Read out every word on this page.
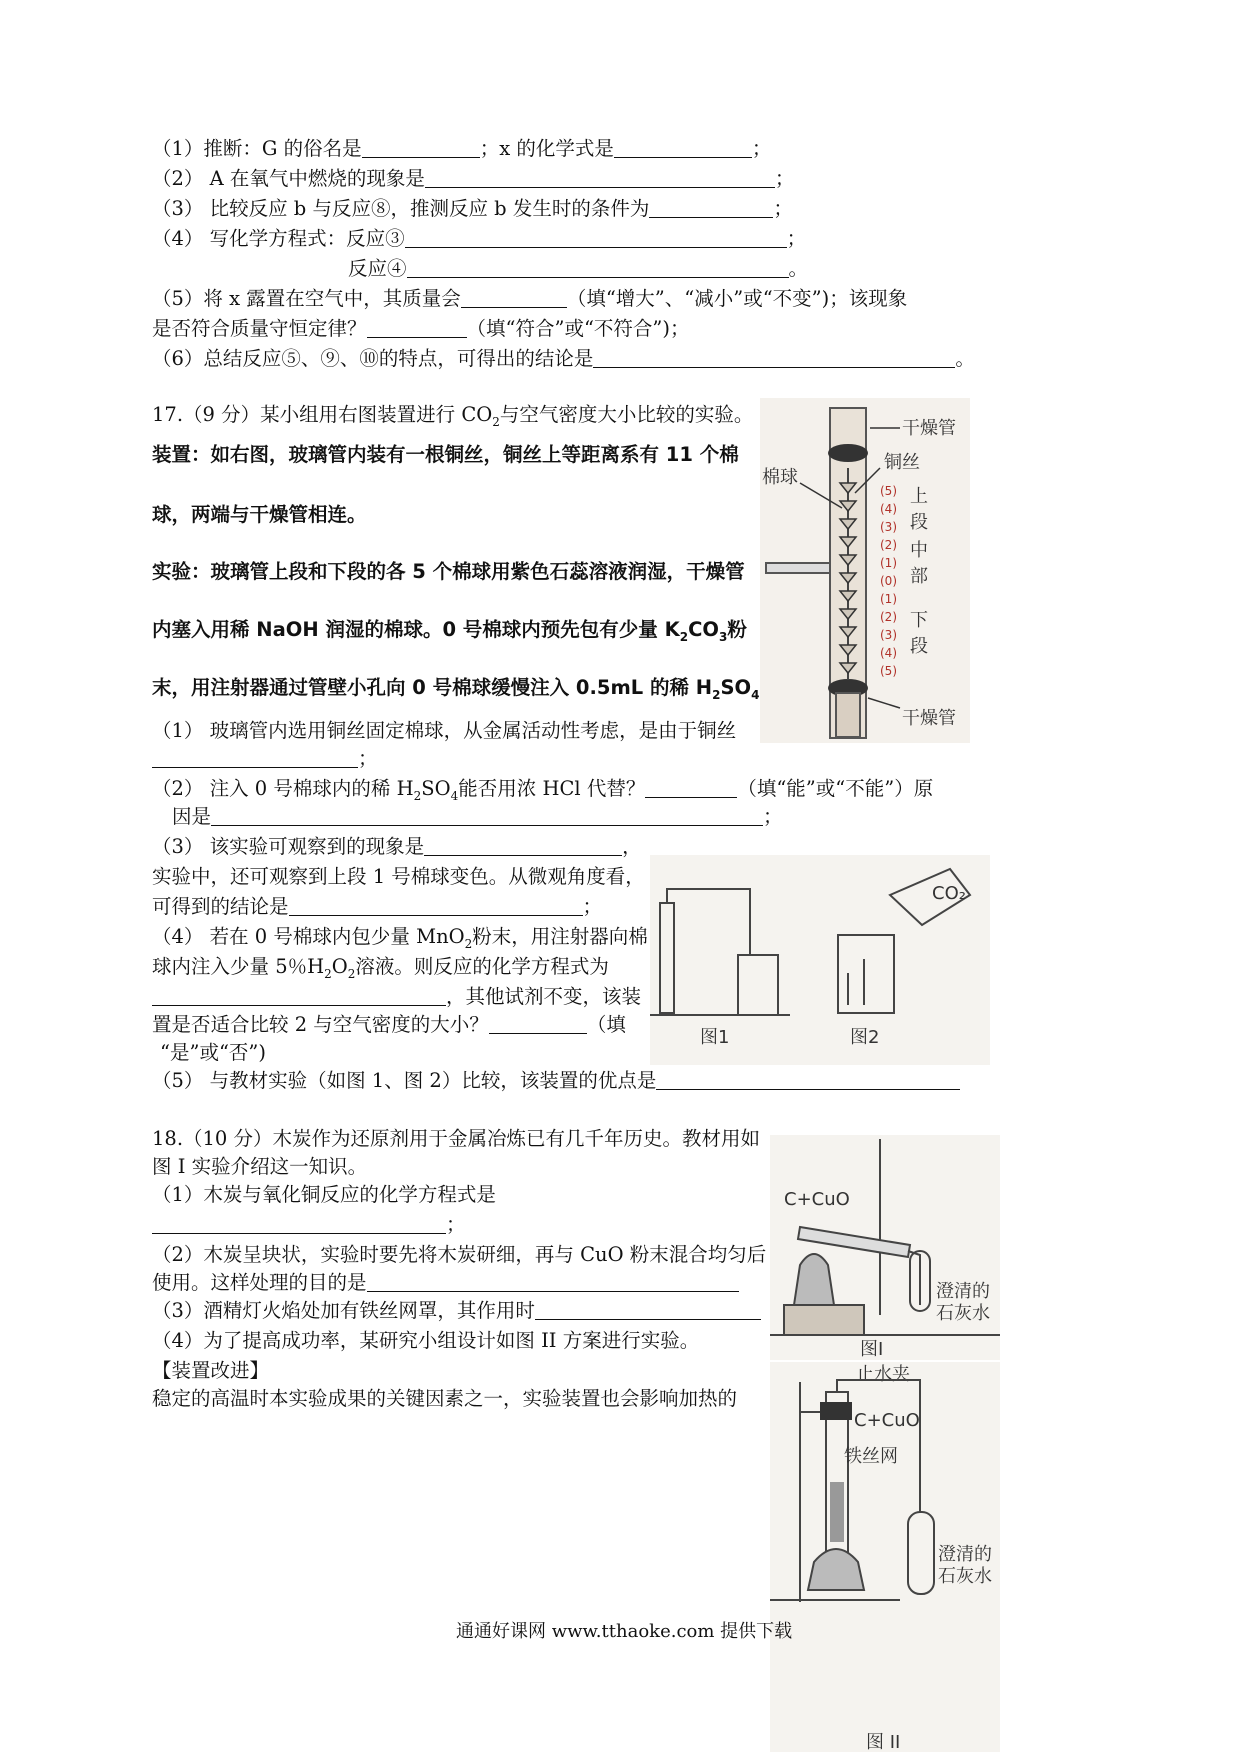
（1）推断：G 的俗名是	；x 的化学式是	；
（2） A 在氧气中燃烧的现象是	；
（3） 比较反应 b 与反应⑧，推测反应 b 发生时的条件为	；
（4） 写化学方程式：反应③	；
反应④	。
（5）将 x 露置在空气中，其质量会	（填“增大”、“减小”或“不变”)；该现象
是否符合质量守恒定律？	（填“符合”或“不符合”)；
（6）总结反应⑤、⑨、⑩的特点，可得出的结论是	。
17.（9 分）某小组用右图装置进行 $CO_2$与空气密度大小比较的实验。
装置：如右图，玻璃管内装有一根铜丝，铜丝上等距离系有 11 个棉
球，两端与干燥管相连。
实验：玻璃管上段和下段的各 5 个棉球用紫色石蕊溶液润湿，干燥管
内塞入用稀 NaOH 润湿的棉球。0 号棉球内预先包有少量 $K_2CO_3$粉
末，用注射器通过管壁小孔向 0 号棉球缓慢注入 0.5mL 的稀 $H_2SO_4$
（1） 玻璃管内选用铜丝固定棉球，从金属活动性考虑，是由于铜丝
；
（2） 注入 0 号棉球内的稀 $H_2SO_4$能否用浓 HCl 代替？	（填“能”或“不能”）原
因是	；
（3） 该实验可观察到的现象是	，
实验中，还可观察到上段 1 号棉球变色。从微观角度看，
可得到的结论是	；
（4） 若在 0 号棉球内包少量 MnO$_2$粉末，用注射器向棉
球内注入少量 5％$H_2O_2$溶液。则反应的化学方程式为
，其他试剂不变，该装
置是否适合比较 2 与空气密度的大小？	（填
“是”或“否”)
（5） 与教材实验（如图 1、图 2）比较，该装置的优点是
干燥管
干燥管
棉球
铜丝
上
段
中
部
下
段
(5)
(4)
(3)
(2)
(1)
(0)
(1)
(2)
(3)
(4)
(5)
图1
CO₂
图2
18.（10 分）木炭作为还原剂用于金属冶炼已有几千年历史。教材用如
图 I 实验介绍这一知识。
（1）木炭与氧化铜反应的化学方程式是
；
（2）木炭呈块状，实验时要先将木炭研细，再与 CuO 粉末混合均匀后
使用。这样处理的目的是
（3）酒精灯火焰处加有铁丝网罩，其作用时
（4）为了提高成功率，某研究小组设计如图 II 方案进行实验。
【装置改进】
稳定的高温时本实验成果的关键因素之一，实验装置也会影响加热的
C+CuO
澄清的
石灰水
图I
止水夹
C+CuO
铁丝网
澄清的
石灰水
图 II
通通好课网 www.tthaoke.com 提供下载
